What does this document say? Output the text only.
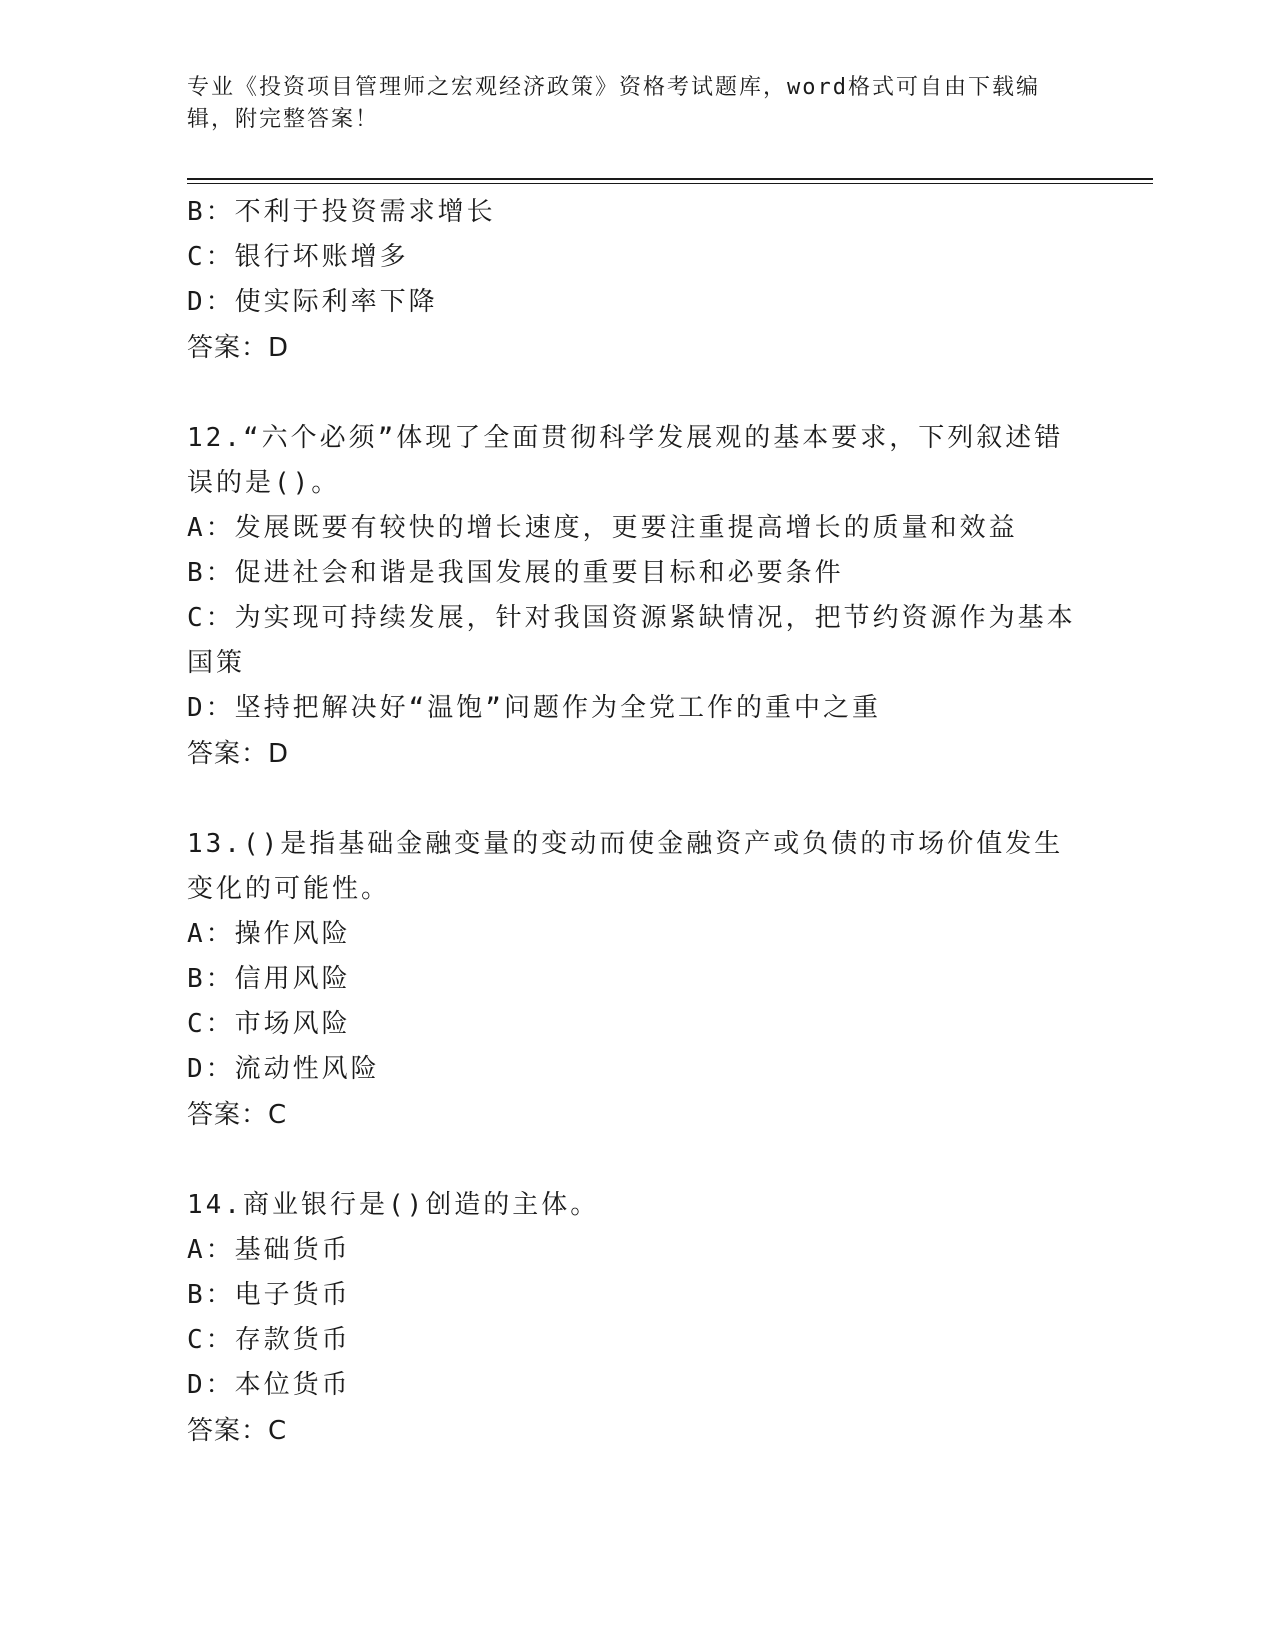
专业《投资项目管理师之宏观经济政策》资格考试题库，word格式可自由下载编辑，附完整答案！
B：不利于投资需求增长
C：银行坏账增多
D：使实际利率下降
答案：D
12.“六个必须”体现了全面贯彻科学发展观的基本要求，下列叙述错误的是()。
A：发展既要有较快的增长速度，更要注重提高增长的质量和效益
B：促进社会和谐是我国发展的重要目标和必要条件
C：为实现可持续发展，针对我国资源紧缺情况，把节约资源作为基本国策
D：坚持把解决好“温饱”问题作为全党工作的重中之重
答案：D
13.()是指基础金融变量的变动而使金融资产或负债的市场价值发生变化的可能性。
A：操作风险
B：信用风险
C：市场风险
D：流动性风险
答案：C
14.商业银行是()创造的主体。
A：基础货币
B：电子货币
C：存款货币
D：本位货币
答案：C
